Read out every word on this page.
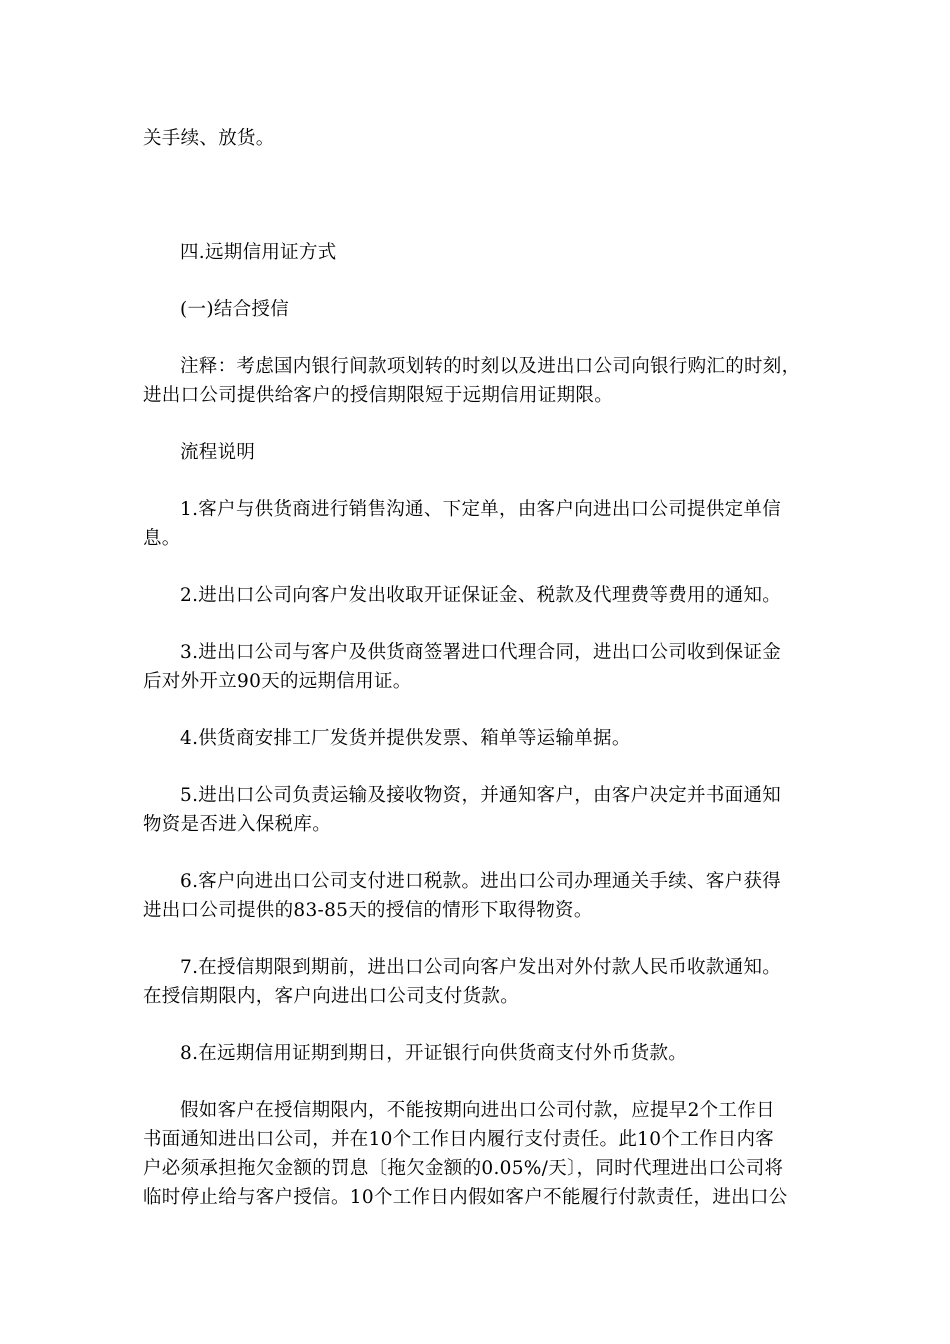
关手续、放货。
四.远期信用证方式
(一)结合授信
注释：考虑国内银行间款项划转的时刻以及进出口公司向银行购汇的时刻，
进出口公司提供给客户的授信期限短于远期信用证期限。
流程说明
1.客户与供货商进行销售沟通、下定单，由客户向进出口公司提供定单信
息。
2.进出口公司向客户发出收取开证保证金、税款及代理费等费用的通知。
3.进出口公司与客户及供货商签署进口代理合同，进出口公司收到保证金
后对外开立90天的远期信用证。
4.供货商安排工厂发货并提供发票、箱单等运输单据。
5.进出口公司负责运输及接收物资，并通知客户，由客户决定并书面通知
物资是否进入保税库。
6.客户向进出口公司支付进口税款。进出口公司办理通关手续、客户获得
进出口公司提供的83-85天的授信的情形下取得物资。
7.在授信期限到期前，进出口公司向客户发出对外付款人民币收款通知。
在授信期限内，客户向进出口公司支付货款。
8.在远期信用证期到期日，开证银行向供货商支付外币货款。
假如客户在授信期限内，不能按期向进出口公司付款，应提早2个工作日
书面通知进出口公司，并在10个工作日内履行支付责任。此10个工作日内客
户必须承担拖欠金额的罚息〔拖欠金额的0.05%/天〕，同时代理进出口公司将
临时停止给与客户授信。10个工作日内假如客户不能履行付款责任，进出口公
